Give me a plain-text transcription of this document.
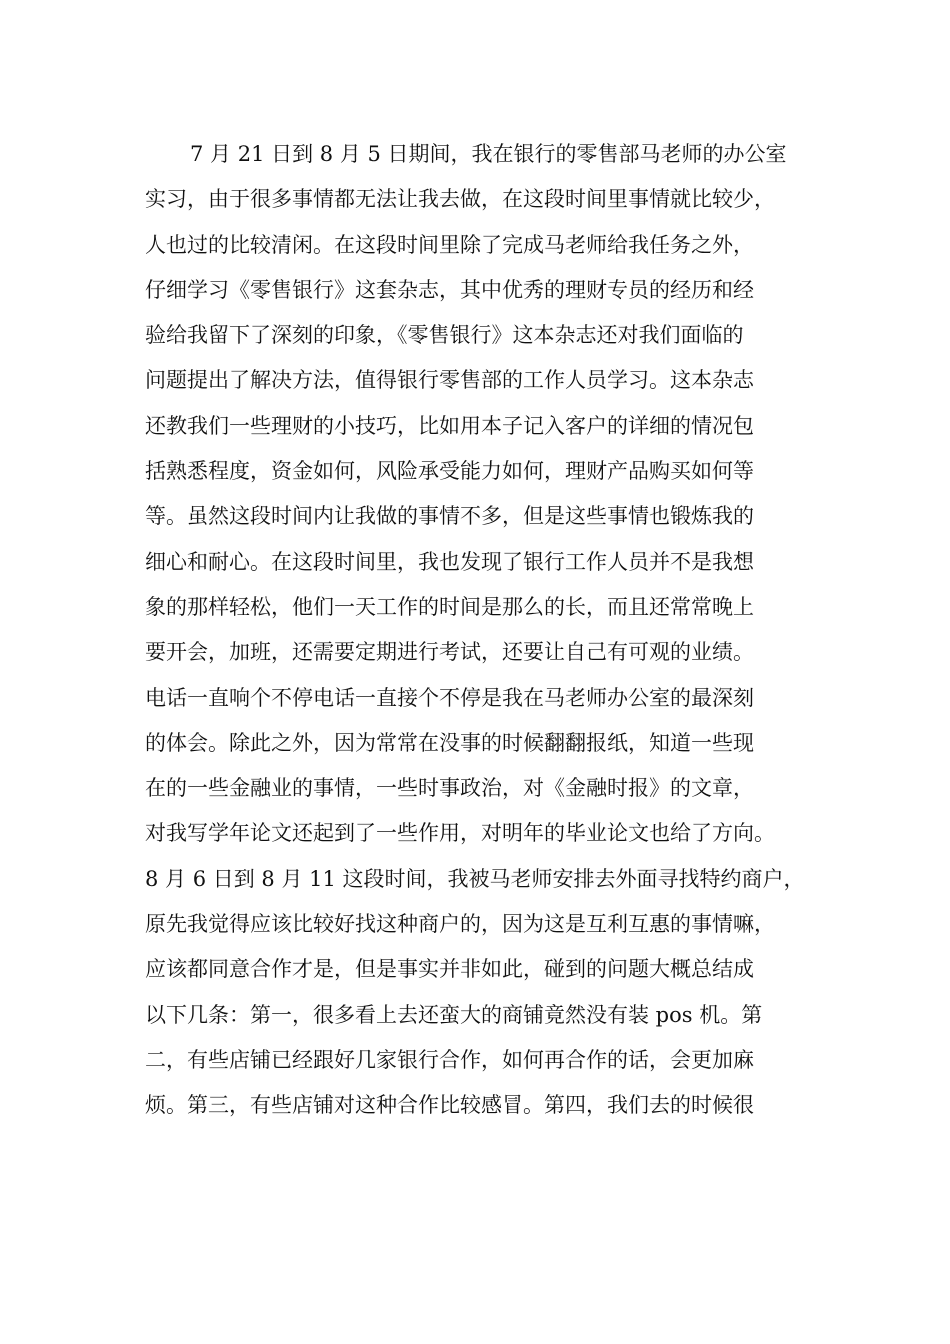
7 月 21 日到 8 月 5 日期间，我在银行的零售部马老师的办公室
实习，由于很多事情都无法让我去做，在这段时间里事情就比较少，
人也过的比较清闲。在这段时间里除了完成马老师给我任务之外，
仔细学习《零售银行》这套杂志，其中优秀的理财专员的经历和经
验给我留下了深刻的印象，《零售银行》这本杂志还对我们面临的
问题提出了解决方法，值得银行零售部的工作人员学习。这本杂志
还教我们一些理财的小技巧，比如用本子记入客户的详细的情况包
括熟悉程度，资金如何，风险承受能力如何，理财产品购买如何等
等。虽然这段时间内让我做的事情不多，但是这些事情也锻炼我的
细心和耐心。在这段时间里，我也发现了银行工作人员并不是我想
象的那样轻松，他们一天工作的时间是那么的长，而且还常常晚上
要开会，加班，还需要定期进行考试，还要让自己有可观的业绩。
电话一直响个不停电话一直接个不停是我在马老师办公室的最深刻
的体会。除此之外，因为常常在没事的时候翻翻报纸，知道一些现
在的一些金融业的事情，一些时事政治，对《金融时报》的文章，
对我写学年论文还起到了一些作用，对明年的毕业论文也给了方向。
8 月 6 日到 8 月 11 这段时间，我被马老师安排去外面寻找特约商户，
原先我觉得应该比较好找这种商户的，因为这是互利互惠的事情嘛，
应该都同意合作才是，但是事实并非如此，碰到的问题大概总结成
以下几条：第一，很多看上去还蛮大的商铺竟然没有装 pos 机。第
二，有些店铺已经跟好几家银行合作，如何再合作的话，会更加麻
烦。第三，有些店铺对这种合作比较感冒。第四，我们去的时候很
